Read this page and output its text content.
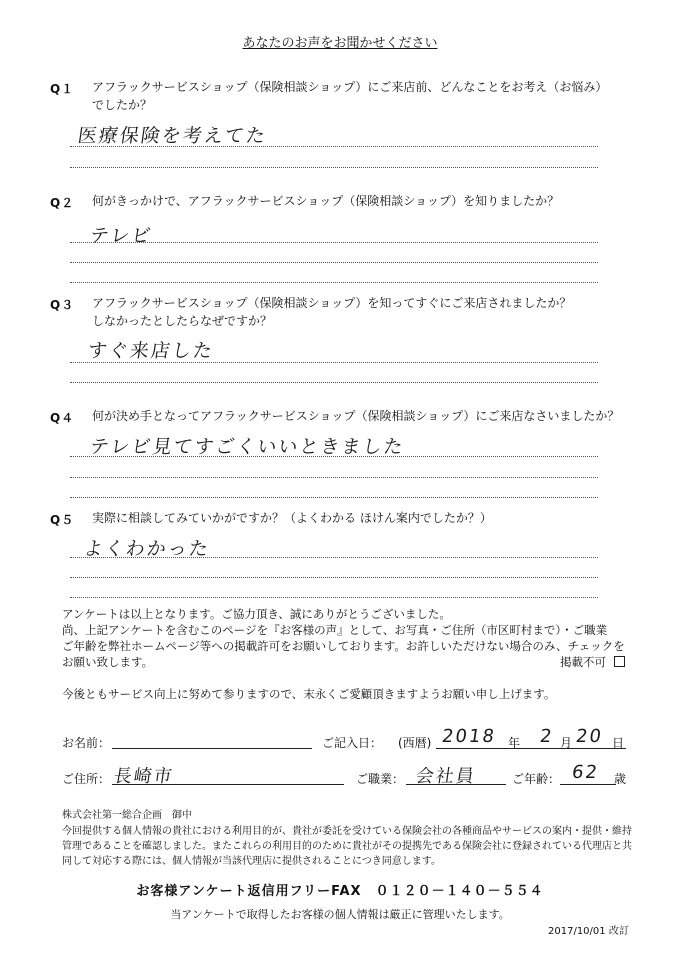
あなたのお声をお聞かせください
Q１ アフラックサービスショップ（保険相談ショップ）にご来店前、どんなことをお考え（お悩み）
でしたか？
医療保険を考えてた
Q２ 何がきっかけで、アフラックサービスショップ（保険相談ショップ）を知りましたか？
テレビ
Q３ アフラックサービスショップ（保険相談ショップ）を知ってすぐにご来店されましたか？
しなかったとしたらなぜですか？
すぐ来店した
Q４ 何が決め手となってアフラックサービスショップ（保険相談ショップ）にご来店なさいましたか？
テレビ見てすごくいいときました
Q５ 実際に相談してみていかがですか？（よくわかる ほけん案内でしたか？）
よくわかった
アンケートは以上となります。ご協力頂き、誠にありがとうございました。
尚、上記アンケートを含むこのページを『お客様の声』として、お写真・ご住所（市区町村まで）・ご職業
ご年齢を弊社ホームページ等への掲載許可をお願いしております。お許しいただけない場合のみ、チェックを
お願い致します。	掲載不可
今後ともサービス向上に努めて参りますので、末永くご愛顧頂きますようお願い申し上げます。
お名前：	ご記入日： (西暦) 2018 年 2 月 20 日
ご住所： 長崎市	ご職業： 会社員	ご年齢： 62 歳
株式会社第一総合企画　御中
今回提供する個人情報の貴社における利用目的が、貴社が委託を受けている保険会社の各種商品やサービスの案内・提供・維持
管理であることを確認しました。またこれらの利用目的のために貴社がその提携先である保険会社に登録されている代理店と共
同して対応する際には、個人情報が当該代理店に提供されることにつき同意します。
お客様アンケート返信用フリーFAX　０１２０－１４０－５５４
当アンケートで取得したお客様の個人情報は厳正に管理いたします。
2017/10/01 改訂
